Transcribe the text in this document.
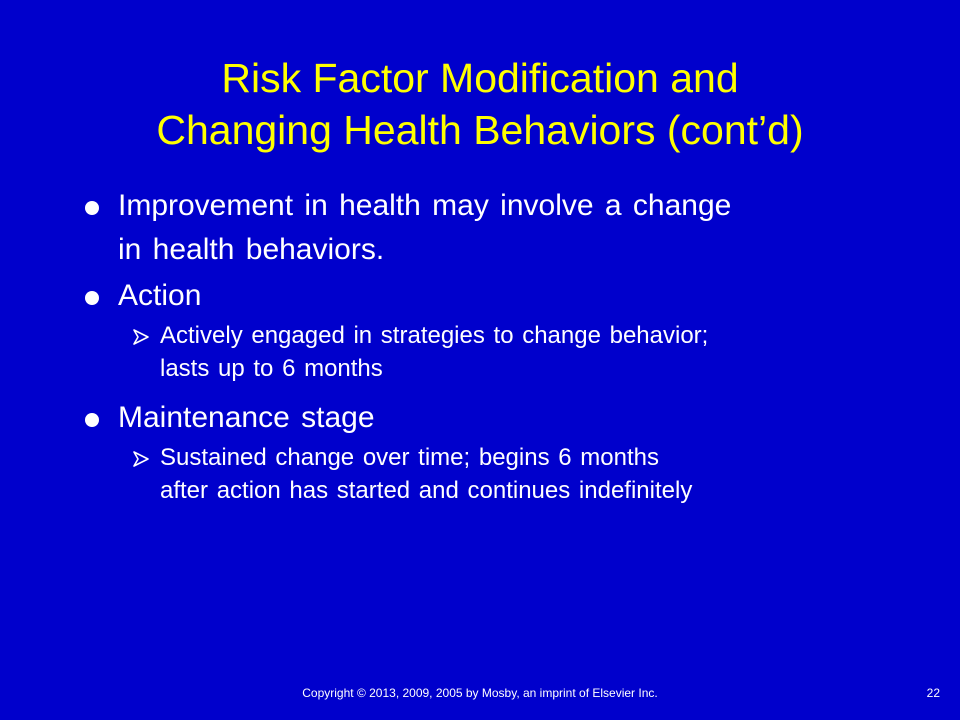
Risk Factor Modification and
Changing Health Behaviors (cont’d)
Improvement in health may involve a change
in health behaviors.
Action
Actively engaged in strategies to change behavior;
lasts up to 6 months
Maintenance stage
Sustained change over time; begins 6 months
after action has started and continues indefinitely
Copyright © 2013, 2009, 2005 by Mosby, an imprint of Elsevier Inc.	22
